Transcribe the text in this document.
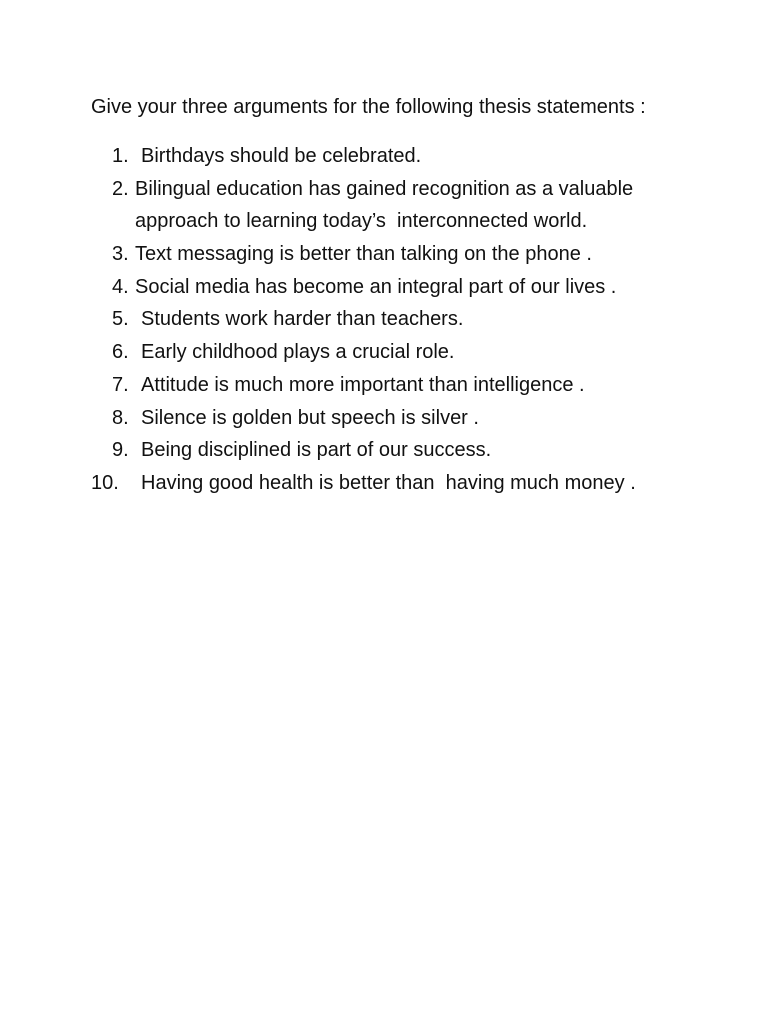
Give your three arguments for the following thesis statements :
1. Birthdays should be celebrated.
2. Bilingual education has gained recognition as a valuable
approach to learning today’s  interconnected world.
3. Text messaging is better than talking on the phone .
4. Social media has become an integral part of our lives .
5. Students work harder than teachers.
6. Early childhood plays a crucial role.
7. Attitude is much more important than intelligence .
8. Silence is golden but speech is silver .
9. Being disciplined is part of our success.
10. Having good health is better than  having much money .
